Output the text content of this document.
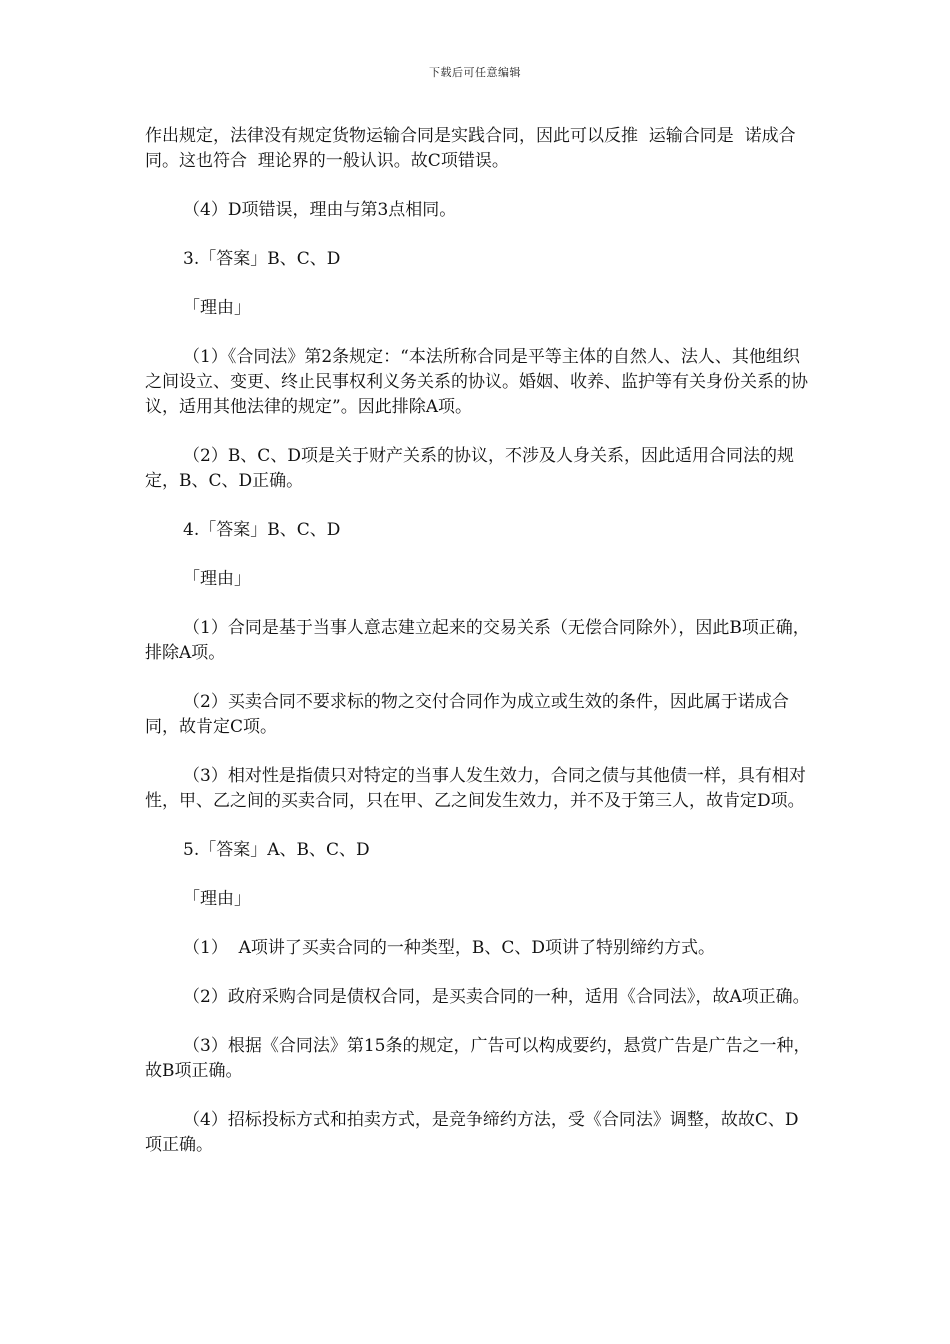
下载后可任意编辑

作出规定，法律没有规定货物运输合同是实践合同，因此可以反推  运输合同是  诺成合同。这也符合  理论界的一般认识。故C项错误。

（4）D项错误，理由与第3点相同。

3.「答案」B、C、D

「理由」

（1）《合同法》第2条规定：“本法所称合同是平等主体的自然人、法人、其他组织之间设立、变更、终止民事权利义务关系的协议。婚姻、收养、监护等有关身份关系的协议，适用其他法律的规定”。因此排除A项。

（2）B、C、D项是关于财产关系的协议，不涉及人身关系，因此适用合同法的规定，B、C、D正确。

4.「答案」B、C、D

「理由」

（1）合同是基于当事人意志建立起来的交易关系（无偿合同除外），因此B项正确，排除A项。

（2）买卖合同不要求标的物之交付合同作为成立或生效的条件，因此属于诺成合同，故肯定C项。

（3）相对性是指债只对特定的当事人发生效力，合同之债与其他债一样，具有相对性，甲、乙之间的买卖合同，只在甲、乙之间发生效力，并不及于第三人，故肯定D项。

5.「答案」A、B、C、D

「理由」

（1）  A项讲了买卖合同的一种类型，B、C、D项讲了特别缔约方式。

（2）政府采购合同是债权合同，是买卖合同的一种，适用《合同法》，故A项正确。

（3）根据《合同法》第15条的规定，广告可以构成要约，悬赏广告是广告之一种，故B项正确。

（4）招标投标方式和拍卖方式，是竞争缔约方法，受《合同法》调整，故故C、D项正确。
